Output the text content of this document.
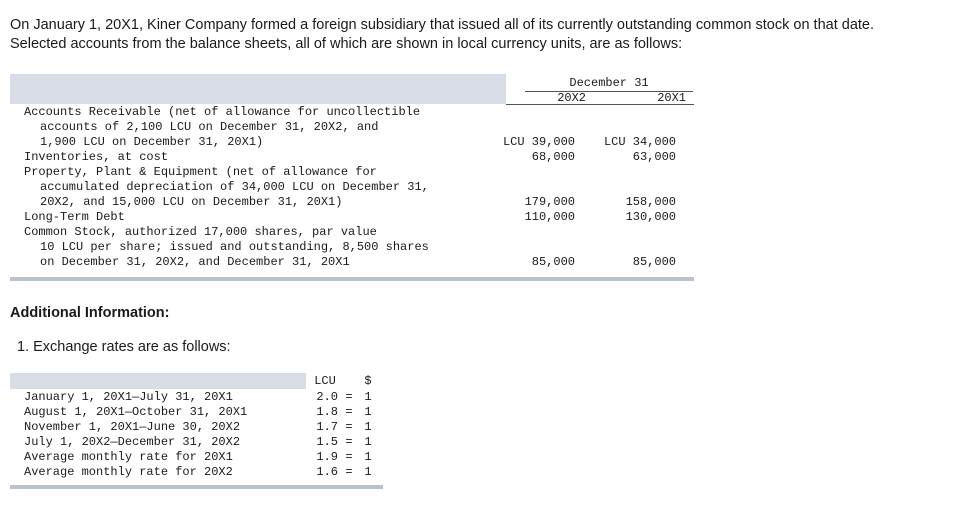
On January 1, 20X1, Kiner Company formed a foreign subsidiary that issued all of its currently outstanding common stock on that date.

Selected accounts from the balance sheets, all of which are shown in local currency units, are as follows:

December 31
20X2	20X1
Accounts Receivable (net of allowance for uncollectible
accounts of 2,100 LCU on December 31, 20X2, and
1,900 LCU on December 31, 20X1)	LCU 39,000	LCU 34,000
Inventories, at cost	68,000	63,000
Property, Plant & Equipment (net of allowance for
accumulated depreciation of 34,000 LCU on December 31,
20X2, and 15,000 LCU on December 31, 20X1)	179,000	158,000
Long-Term Debt	110,000	130,000
Common Stock, authorized 17,000 shares, par value
10 LCU per share; issued and outstanding, 8,500 shares
on December 31, 20X2, and December 31, 20X1	85,000	85,000
Additional Information:
1. Exchange rates are as follows:
LCU	$
January 1, 20X1—July 31, 20X1	2.0 = 1
August 1, 20X1—October 31, 20X1	1.8 = 1
November 1, 20X1—June 30, 20X2	1.7 = 1
July 1, 20X2—December 31, 20X2	1.5 = 1
Average monthly rate for 20X1	1.9 = 1
Average monthly rate for 20X2	1.6 = 1
